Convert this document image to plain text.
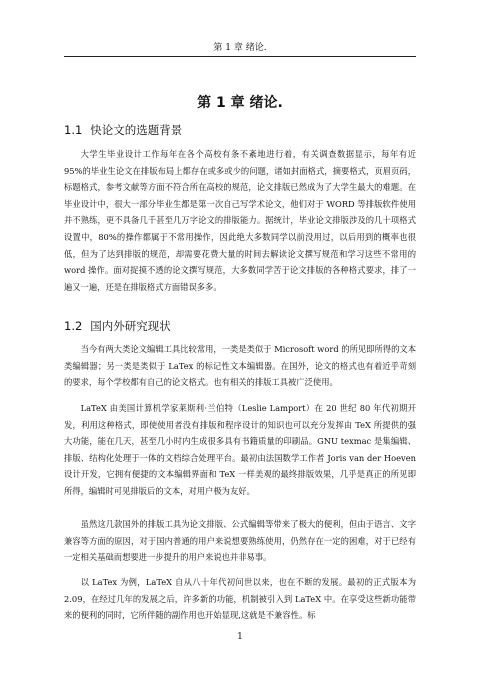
第 1 章 绪论.
第 1 章 绪论.
1.1 快论文的选题背景

大学生毕业设计工作每年在各个高校有条不紊地进行着，有关调查数据显示，每年有近 95%的毕业生论文在排版布局上都存在或多或少的问题，诸如封面格式，摘要格式，页眉页码，标题格式，参考文献等方面不符合所在高校的规范，论文排版已然成为了大学生最大的难题。在毕业设计中，很大一部分毕业生都是第一次自己写学术论文，他们对于 WORD 等排版软件使用并不熟练，更不具备几千甚至几万字论文的排版能力。据统计，毕业论文排版涉及的几十项格式设置中，80%的操作都属于不常用操作，因此绝大多数同学以前没用过，以后用到的概率也很低，但为了达到排版的规范，却需要花费大量的时间去解读论文撰写规范和学习这些不常用的 word 操作。面对捉摸不透的论文撰写规范，大多数同学苦于论文排版的各种格式要求，排了一遍又一遍，还是在排版格式方面错误多多。

1.2 国内外研究现状

当今有两大类论文编辑工具比较常用，一类是类似于 Microsoft word 的所见即所得的文本类编辑器；另一类是类似于 LaTex 的标记性文本编辑器。在国外，论文的格式也有着近乎苛刻的要求，每个学校都有自己的论文格式。也有相关的排版工具被广泛使用。

LaTeX 由美国计算机学家莱斯利·兰伯特（Leslie Lamport）在 20 世纪 80 年代初期开发，利用这种格式，即使使用者没有排版和程序设计的知识也可以充分发挥由 TeX 所提供的强大功能，能在几天，甚至几小时内生成很多具有书籍质量的印刷品。GNU texmac 是集编辑、排版、结构化处理于一体的文档综合处理平台。最初由法国数学工作者 Joris van der Hoeven 设计开发，它拥有便捷的文本编辑界面和 TeX 一样美观的最终排版效果，几乎是真正的所见即所得，编辑时可见排版后的文本，对用户极为友好。

虽然这几款国外的排版工具为论文排版、公式编辑等带来了极大的便利，但由于语言、文字兼容等方面的原因，对于国内普通的用户来说想要熟练使用，仍然存在一定的困难，对于已经有一定相关基础而想要进一步提升的用户来说也并非易事。

以 LaTex 为例，LaTeX 自从八十年代初问世以来，也在不断的发展。最初的正式版本为 2.09，在经过几年的发展之后，许多新的功能，机制被引入到 LaTeX 中。在享受这些新功能带来的便利的同时，它所伴随的副作用也开始显现,这就是不兼容性。标

1
